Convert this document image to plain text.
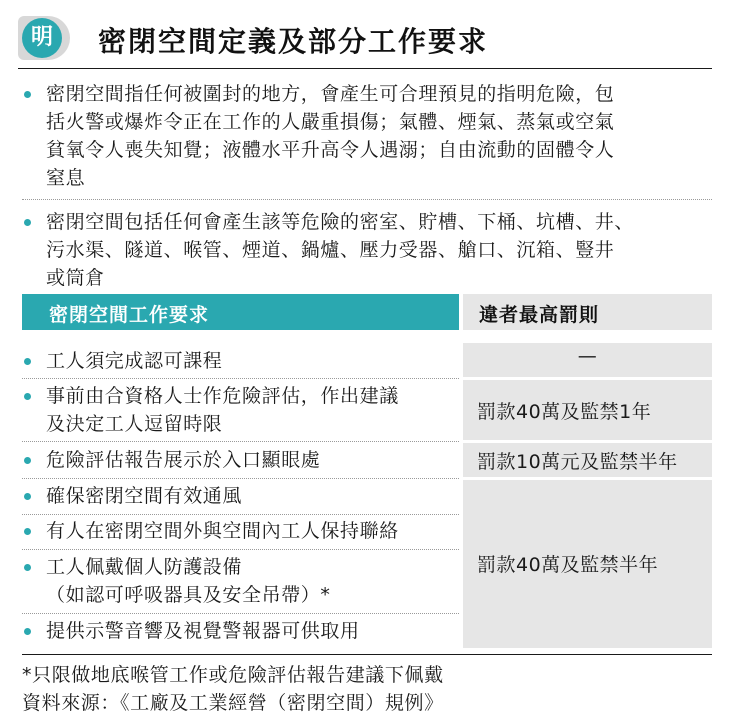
明	密閉空間定義及部分工作要求
密閉空間指任何被圍封的地方，會產生可合理預見的指明危險，包
括火警或爆炸令正在工作的人嚴重損傷；氣體、煙氣、蒸氣或空氣
貧氧令人喪失知覺；液體水平升高令人遇溺；自由流動的固體令人
窒息
密閉空間包括任何會產生該等危險的密室、貯槽、下桶、坑槽、井、
污水渠、隧道、喉管、煙道、鍋爐、壓力受器、艙口、沉箱、豎井
或筒倉
密閉空間工作要求	違者最高罰則
—
罰款40萬及監禁1年
罰款10萬元及監禁半年
罰款40萬及監禁半年
工人須完成認可課程
事前由合資格人士作危險評估，作出建議
及決定工人逗留時限
危險評估報告展示於入口顯眼處
確保密閉空間有效通風
有人在密閉空間外與空間內工人保持聯絡
工人佩戴個人防護設備
（如認可呼吸器具及安全吊帶）*
提供示警音響及視覺警報器可供取用
*只限做地底喉管工作或危險評估報告建議下佩戴
資料來源：《工廠及工業經營（密閉空間）規例》
